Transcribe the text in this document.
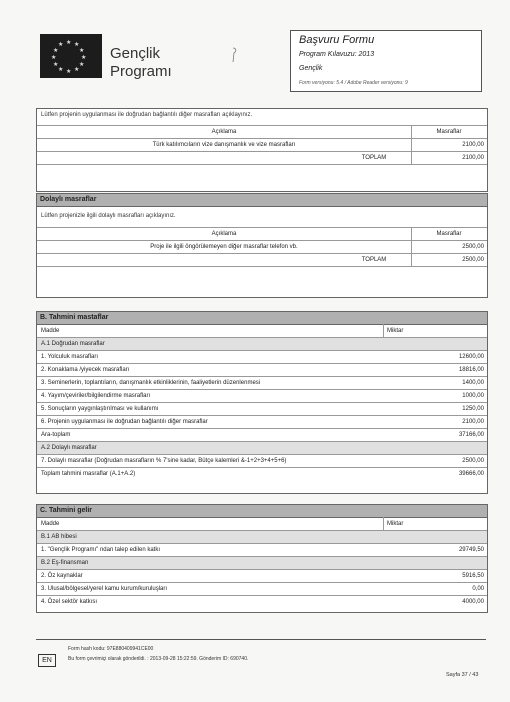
★ ★
★
★
★
★
★
★
★
★
★
★	Gençlik
Programı
Başvuru Formu
Program Kılavuzu: 2013
Gençlik
Form versiyonu: 5.4 / Adobe Reader versiyonu: 9
Lütfen projenin uygulanması ile doğrudan bağlantılı diğer masrafları açıklayınız.
Açıklama	Masraflar
Türk katılımcıların vize danışmanlık ve vize masrafları	2100,00
TOPLAM	2100,00
Dolaylı masraflar
Lütfen projenizle ilgili dolaylı masrafları açıklayınız.
Açıklama	Masraflar
Proje ile ilgili öngörülemeyen diğer masraflar telefon vb.	2500,00
TOPLAM	2500,00
B. Tahmini mastaflar
Madde	Miktar
A.1 Doğrudan masraflar
1. Yolculuk masrafları	12600,00
2. Konaklama /yiyecek masrafları	18816,00
3. Seminerlerin, toplantıların, danışmanlık etkinliklerinin, faaliyetlerin düzenlenmesi	1400,00
4. Yayım/çeviriler/bilgilendirme masrafları	1000,00
5. Sonuçların yaygınlaştırılması ve kullanımı	1250,00
6. Projenin uygulanması ile doğrudan bağlantılı diğer masraflar	2100,00
Ara-toplam	37166,00
A.2 Dolaylı masraflar
7. Dolaylı masraflar (Doğrudan masrafların % 7'sine kadar, Bütçe kalemleri &-1+2+3+4+5+6)	2500,00
Toplam tahmini masraflar (A.1+A.2)	39666,00
C. Tahmini gelir
Madde	Miktar
B.1 AB hibesi
1. "Gençlik Programı" ndan talep edilen katkı	29749,50
B.2 Eş-finansman
2. Öz kaynaklar	5916,50
3. Ulusal/bölgesel/yerel kamu kurum/kuruluşları	0,00
4. Özel sektör katkısı	4000,00
EN
Form hash kodu: 97E880409941CE00
Bu form çevrimiçi olarak gönderildi. : 2013-09-28 15:22:59. Gönderim ID: 690740.
Sayfa 37 / 43
